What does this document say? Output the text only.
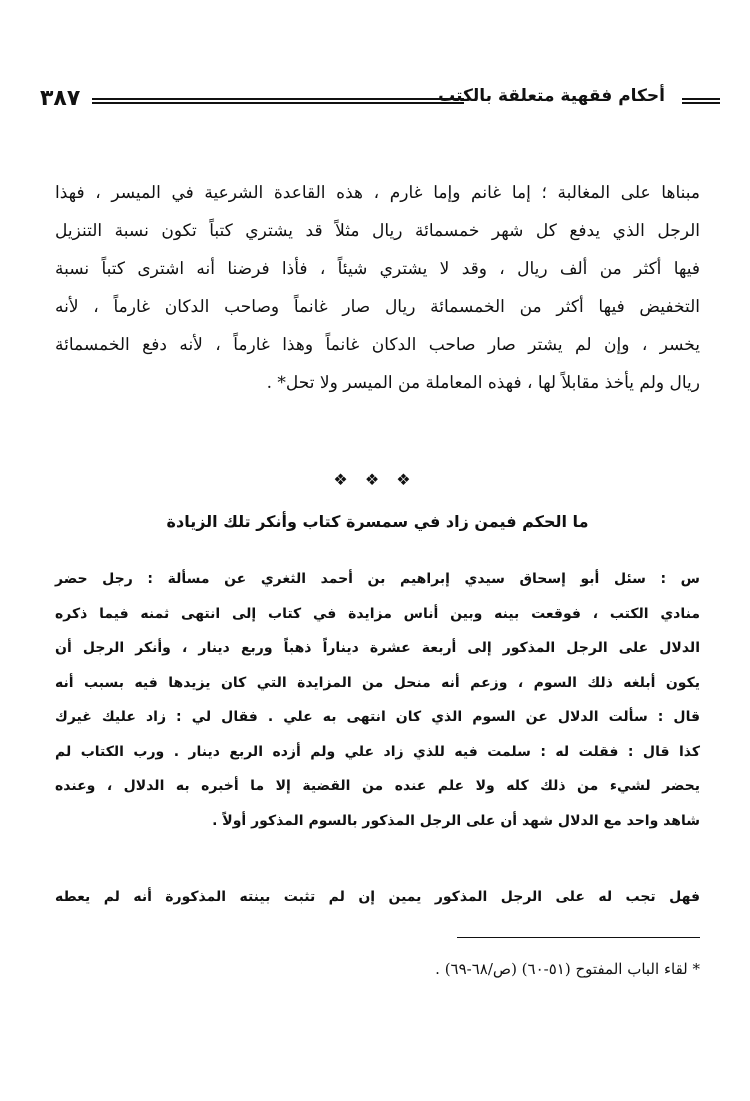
٣٨٧	أحكام فقهية متعلقة بالكتب
مبناها على المغالبة ؛ إما غانم وإما غارم ، هذه القاعدة الشرعية في الميسر ، فهذا
الرجل الذي يدفع كل شهر خمسمائة ريال مثلاً قد يشتري كتباً تكون نسبة التنزيل
فيها أكثر من ألف ريال ، وقد لا يشتري شيئاً ، فأذا فرضنا أنه اشترى كتباً نسبة
التخفيض فيها أكثر من الخمسمائة ريال صار غانماً وصاحب الدكان غارماً ، لأنه
يخسر ، وإن لم يشتر صار صاحب الدكان غانماً وهذا غارماً ، لأنه دفع الخمسمائة
ريال ولم يأخذ مقابلاً لها ، فهذه المعاملة من الميسر ولا تحل* .
❖ ❖ ❖
ما الحكم فيمن زاد في سمسرة كتاب وأنكر تلك الزيادة
س : سئل أبو إسحاق سيدي إبراهيم بن أحمد الثغري عن مسألة : رجل حضر
منادي الكتب ، فوقعت بينه وبين أناس مزايدة في كتاب إلى انتهى ثمنه فيما ذكره
الدلال على الرجل المذكور إلى أربعة عشرة ديناراً ذهباً وربع دينار ، وأنكر الرجل أن
يكون أبلغه ذلك السوم ، وزعم أنه منحل من المزايدة التي كان يزيدها فيه بسبب أنه
قال : سألت الدلال عن السوم الذي كان انتهى به علي . فقال لي : زاد عليك غيرك
كذا قال : فقلت له : سلمت فيه للذي زاد علي ولم أزده الربع دينار . ورب الكتاب لم
يحضر لشيء من ذلك كله ولا علم عنده من القضية إلا ما أخبره به الدلال ، وعنده
شاهد واحد مع الدلال شهد أن على الرجل المذكور بالسوم المذكور أولاً .
فهل تجب له على الرجل المذكور يمين إن لم تثبت بينته المذكورة أنه لم يعطه
* لقاء الباب المفتوح (٥١-٦٠) (ص/٦٨-٦٩) .
